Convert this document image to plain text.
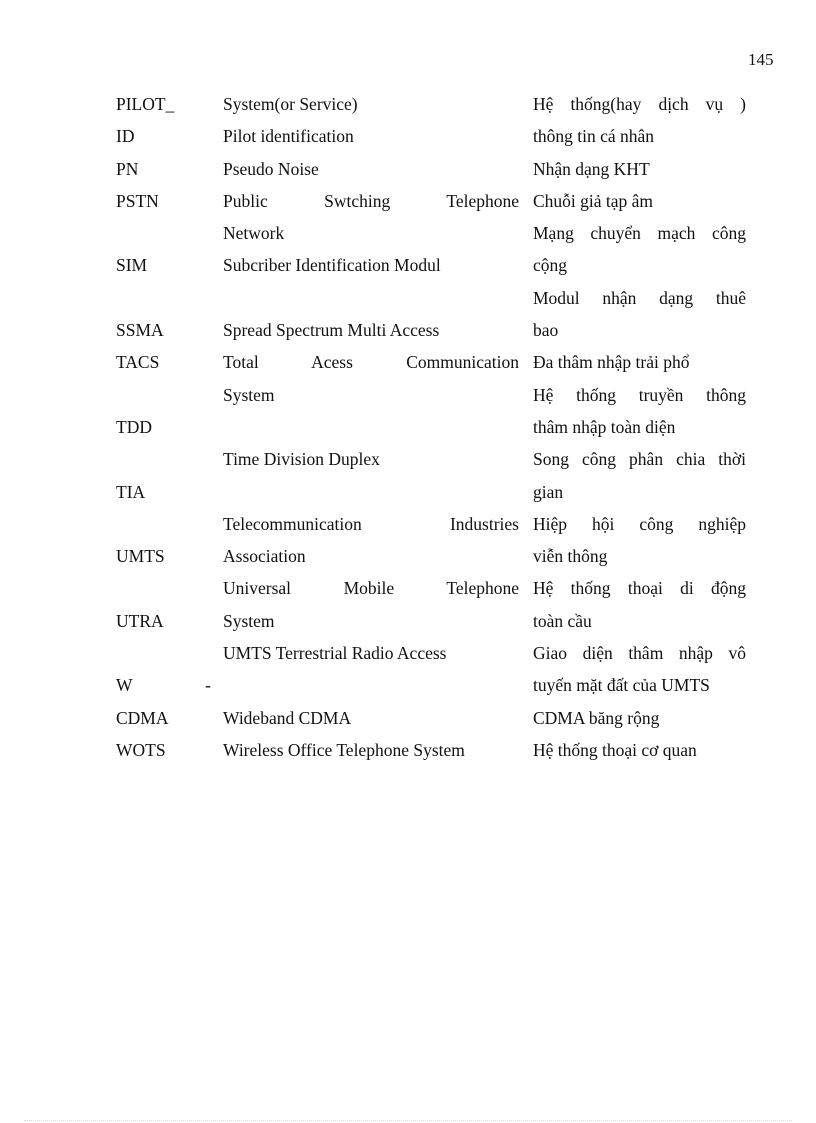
145
PILOT_
ID
PN
PSTN
SIM
SSMA
TACS
TDD
TIA
UMTS
UTRA
W -
CDMA
WOTS
System(or Service)
Pilot identification
Pseudo Noise
Public Swtching Telephone
Network
Subcriber Identification Modul
Spread Spectrum Multi Access
Total Acess Communication
System
Time Division Duplex
Telecommunication Industries
Association
Universal Mobile Telephone
System
UMTS Terrestrial Radio Access
Wideband CDMA
Wireless Office Telephone System
Hệ thống(hay dịch vụ )
thông tin cá nhân
Nhận dạng KHT
Chuỗi giả tạp âm
Mạng chuyển mạch công
cộng
Modul nhận dạng thuê
bao
Đa thâm nhập trải phổ
Hệ thống truyền thông
thâm nhập toàn diện
Song công phân chia thời
gian
Hiệp hội công nghiệp
viễn thông
Hệ thống thoại di động
toàn cầu
Giao diện thâm nhập vô
tuyến mặt đất của UMTS
CDMA băng rộng
Hệ thống thoại cơ quan
